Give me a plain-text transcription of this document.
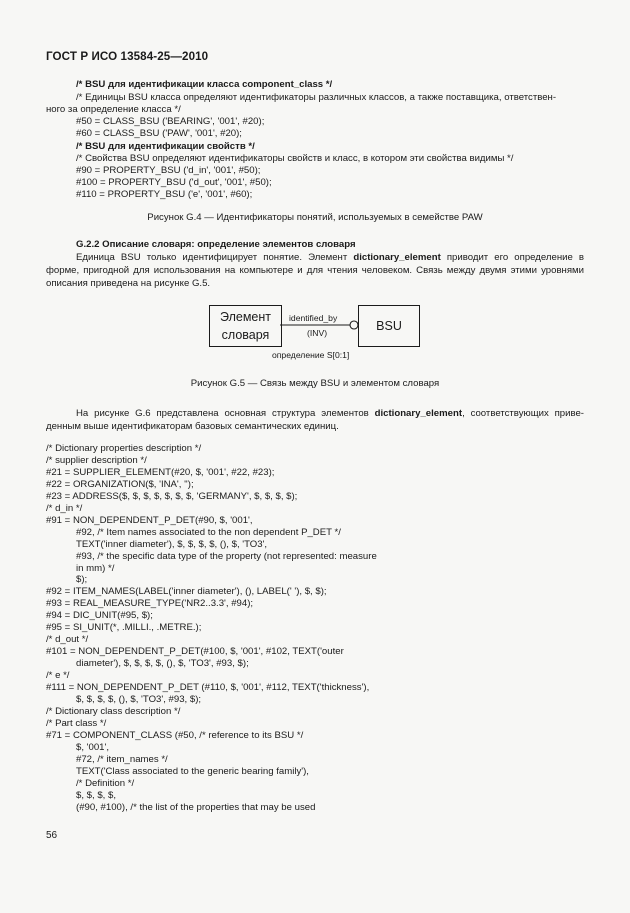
ГОСТ Р ИСО 13584-25—2010
/* BSU для идентификации класса component_class */
/* Единицы BSU класса определяют идентификаторы различных классов, а также поставщика, ответствен-
ного за определение класса */
#50 = CLASS_BSU ('BEARING', '001', #20);
#60 = CLASS_BSU ('PAW', '001', #20);
/* BSU для идентификации свойств */
/* Свойства BSU определяют идентификаторы свойств и класс, в котором эти свойства видимы */
#90 = PROPERTY_BSU ('d_in', '001', #50);
#100 = PROPERTY_BSU ('d_out', '001', #50);
#110 = PROPERTY_BSU ('e', '001', #60);
Рисунок G.4 — Идентификаторы понятий, используемых в семействе PAW
G.2.2 Описание словаря: определение элементов словаря
Единица BSU только идентифицирует понятие. Элемент dictionary_element приводит его определение в форме, пригодной для использования на компьютере и для чтения человеком. Связь между двумя этими уровнями описания приведена на рисунке G.5.
Элемент
словаря
BSU
identified_by
(INV)
определение S[0:1]
Рисунок G.5 — Связь между BSU и элементом словаря
На рисунке G.6 представлена основная структура элементов dictionary_element, соответствующих приве-денным выше идентификаторам базовых семантических единиц.
/* Dictionary properties description */
/* supplier description */
#21 = SUPPLIER_ELEMENT(#20, $, '001', #22, #23);
#22 = ORGANIZATION($, 'INA', '');
#23 = ADDRESS($, $, $, $, $, $, $, 'GERMANY', $, $, $, $);
/* d_in */
#91 = NON_DEPENDENT_P_DET(#90, $, '001',
#92, /* Item names associated to the non dependent P_DET */
TEXT('inner diameter'), $, $, $, $, (), $, 'TO3',
#93, /* the specific data type of the property (not represented: measure
in mm) */
$);
#92 = ITEM_NAMES(LABEL('inner diameter'), (), LABEL(' '), $, $);
#93 = REAL_MEASURE_TYPE('NR2..3.3', #94);
#94 = DIC_UNIT(#95, $);
#95 = SI_UNIT(*, .MILLI., .METRE.);
/* d_out */
#101 = NON_DEPENDENT_P_DET(#100, $, '001', #102, TEXT('outer
diameter'), $, $, $, $, (), $, 'TO3', #93, $);
/* e */
#111 = NON_DEPENDENT_P_DET (#110, $, '001', #112, TEXT('thickness'),
$, $, $, $, (), $, 'TO3', #93, $);
/* Dictionary class description */
/* Part class */
#71 = COMPONENT_CLASS (#50, /* reference to its BSU */
$, '001',
#72, /* item_names */
TEXT('Class associated to the generic bearing family'),
/* Definition */
$, $, $, $,
(#90, #100), /* the list of the properties that may be used
56
